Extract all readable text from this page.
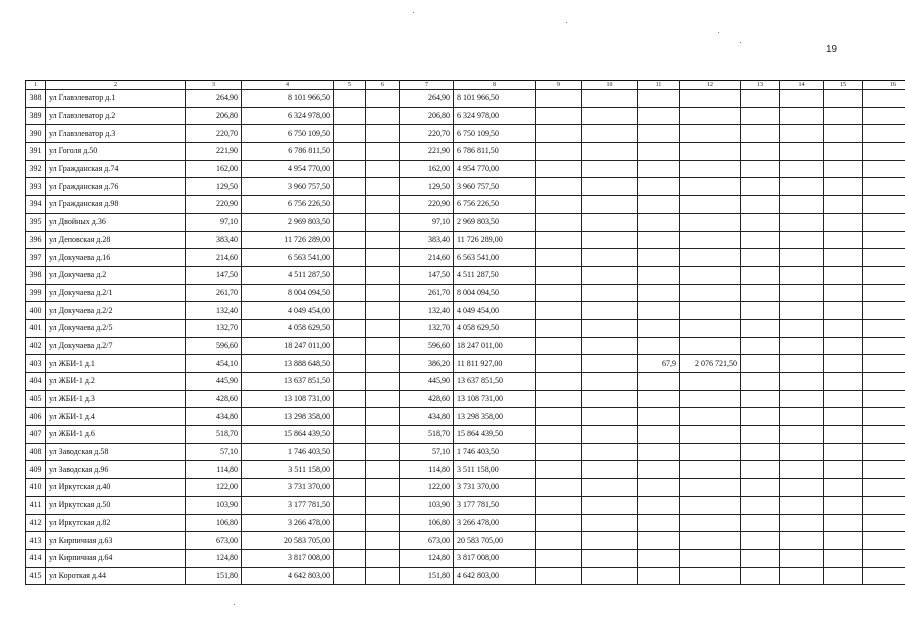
19
1	2	3	4	5	6	7	8	9	10	11	12	13	14	15	16
388	ул Главэлеватор д.1	264,90	8 101 966,50			264,90	8 101 966,50								
389	ул Главэлеватор д.2	206,80	6 324 978,00			206,80	6 324 978,00								
390	ул Главэлеватор д.3	220,70	6 750 109,50			220,70	6 750 109,50								
391	ул Гоголя д.50	221,90	6 786 811,50			221,90	6 786 811,50								
392	ул Гражданская д.74	162,00	4 954 770,00			162,00	4 954 770,00								
393	ул Гражданская д.76	129,50	3 960 757,50			129,50	3 960 757,50								
394	ул Гражданская д.98	220,90	6 756 226,50			220,90	6 756 226,50								
395	ул Двойных д.36	97,10	2 969 803,50			97,10	2 969 803,50								
396	ул Деповская д.28	383,40	11 726 289,00			383,40	11 726 289,00								
397	ул Докучаева д.16	214,60	6 563 541,00			214,60	6 563 541,00								
398	ул Докучаева д.2	147,50	4 511 287,50			147,50	4 511 287,50								
399	ул Докучаева д.2/1	261,70	8 004 094,50			261,70	8 004 094,50								
400	ул Докучаева д.2/2	132,40	4 049 454,00			132,40	4 049 454,00								
401	ул Докучаева д.2/5	132,70	4 058 629,50			132,70	4 058 629,50								
402	ул Докучаева д.2/7	596,60	18 247 011,00			596,60	18 247 011,00								
403	ул ЖБИ-1 д.1	454,10	13 888 648,50			386,20	11 811 927,00			67,9	2 076 721,50				
404	ул ЖБИ-1 д.2	445,90	13 637 851,50			445,90	13 637 851,50								
405	ул ЖБИ-1 д.3	428,60	13 108 731,00			428,60	13 108 731,00								
406	ул ЖБИ-1 д.4	434,80	13 298 358,00			434,80	13 298 358,00								
407	ул ЖБИ-1 д.6	518,70	15 864 439,50			518,70	15 864 439,50								
408	ул Заводская д.58	57,10	1 746 403,50			57,10	1 746 403,50								
409	ул Заводская д.96	114,80	3 511 158,00			114,80	3 511 158,00								
410	ул Иркутская д.40	122,00	3 731 370,00			122,00	3 731 370,00								
411	ул Иркутская д.50	103,90	3 177 781,50			103,90	3 177 781,50								
412	ул Иркутская д.82	106,80	3 266 478,00			106,80	3 266 478,00								
413	ул Кирпичная д.63	673,00	20 583 705,00			673,00	20 583 705,00								
414	ул Кирпичная д.64	124,80	3 817 008,00			124,80	3 817 008,00								
415	ул Короткая д.44	151,80	4 642 803,00			151,80	4 642 803,00								
